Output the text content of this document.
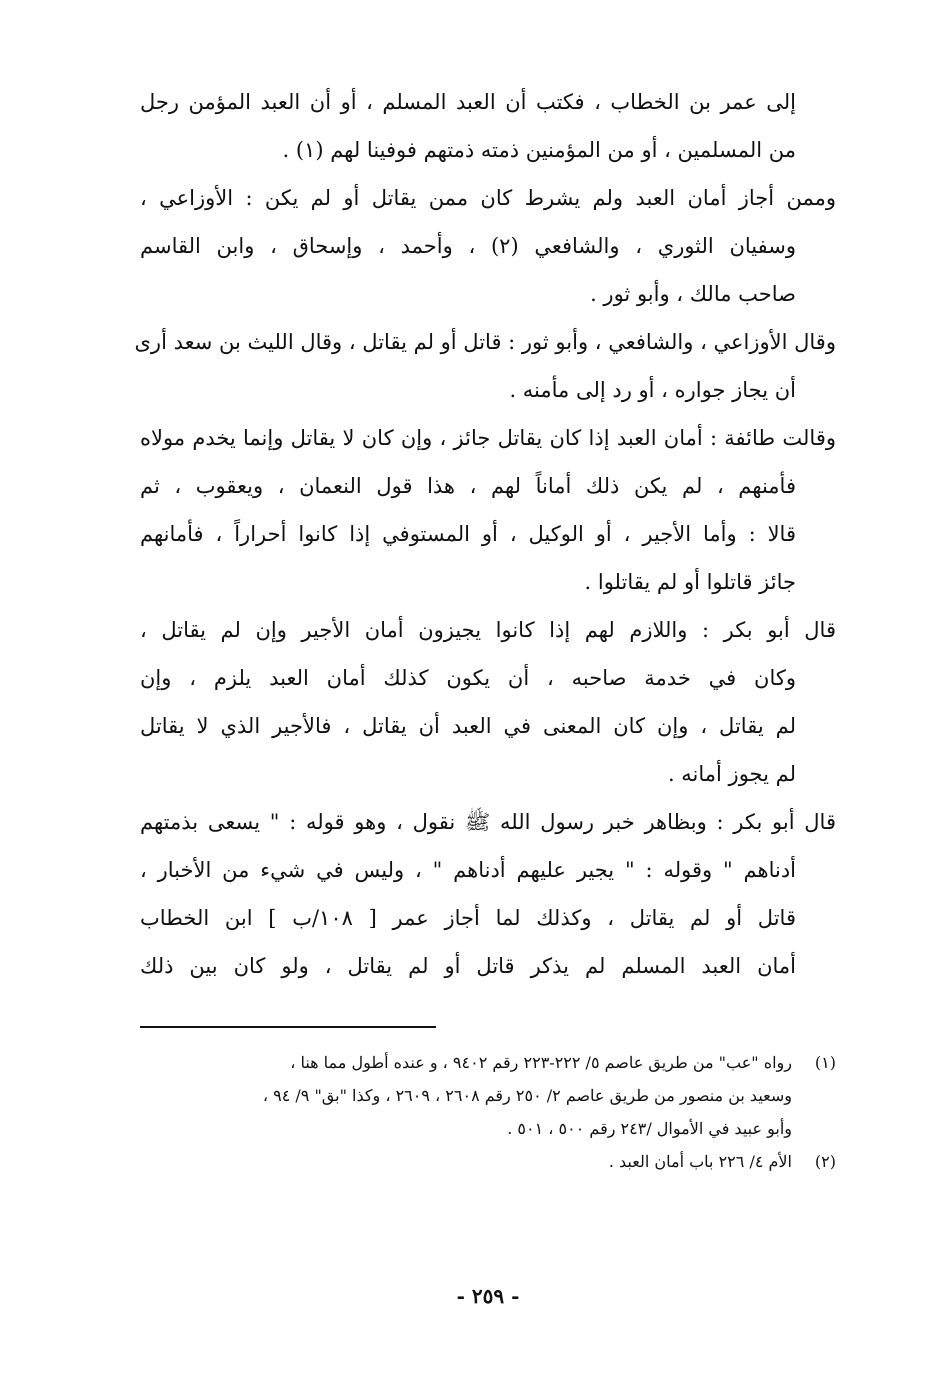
إلى عمر بن الخطاب ، فكتب أن العبد المسلم ، أو أن العبد المؤمن رجل
من المسلمين ، أو من المؤمنين ذمته ذمتهم فوفينا لهم (١) .
وممن أجاز أمان العبد ولم يشرط كان ممن يقاتل أو لم يكن : الأوزاعي ،
وسفيان الثوري ، والشافعي (٢) ، وأحمد ، وإسحاق ، وابن القاسم
صاحب مالك ، وأبو ثور .
وقال الأوزاعي ، والشافعي ، وأبو ثور : قاتل أو لم يقاتل ، وقال الليث بن سعد أرى
أن يجاز جواره ، أو رد إلى مأمنه .
وقالت طائفة : أمان العبد إذا كان يقاتل جائز ، وإن كان لا يقاتل وإنما يخدم مولاه
فأمنهم ، لم يكن ذلك أماناً لهم ، هذا قول النعمان ، ويعقوب ، ثم
قالا : وأما الأجير ، أو الوكيل ، أو المستوفي إذا كانوا أحراراً ، فأمانهم
جائز قاتلوا أو لم يقاتلوا .
قال أبو بكر : واللازم لهم إذا كانوا يجيزون أمان الأجير وإن لم يقاتل ،
وكان في خدمة صاحبه ، أن يكون كذلك أمان العبد يلزم ، وإن
لم يقاتل ، وإن كان المعنى في العبد أن يقاتل ، فالأجير الذي لا يقاتل
لم يجوز أمانه .
قال أبو بكر : وبظاهر خبر رسول الله ﷺ نقول ، وهو قوله : " يسعى بذمتهم
أدناهم " وقوله : " يجير عليهم أدناهم " ، وليس في شيء من الأخبار ،
قاتل أو لم يقاتل ، وكذلك لما أجاز عمر [ ١٠٨/ب ] ابن الخطاب
أمان العبد المسلم لم يذكر قاتل أو لم يقاتل ، ولو كان بين ذلك
(١)رواه "عب" من طريق عاصم ٥/ ٢٢٢-٢٢٣ رقم ٩٤٠٢ ، و عنده أطول مما هنا ،
وسعيد بن منصور من طريق عاصم ٢/ ٢٥٠ رقم ٢٦٠٨ ، ٢٦٠٩ ، وكذا "بق" ٩/ ٩٤ ،
وأبو عبيد في الأموال /٢٤٣ رقم ٥٠٠ ، ٥٠١ .
(٢)الأم ٤/ ٢٢٦ باب أمان العبد .
- ٢٥٩ -
